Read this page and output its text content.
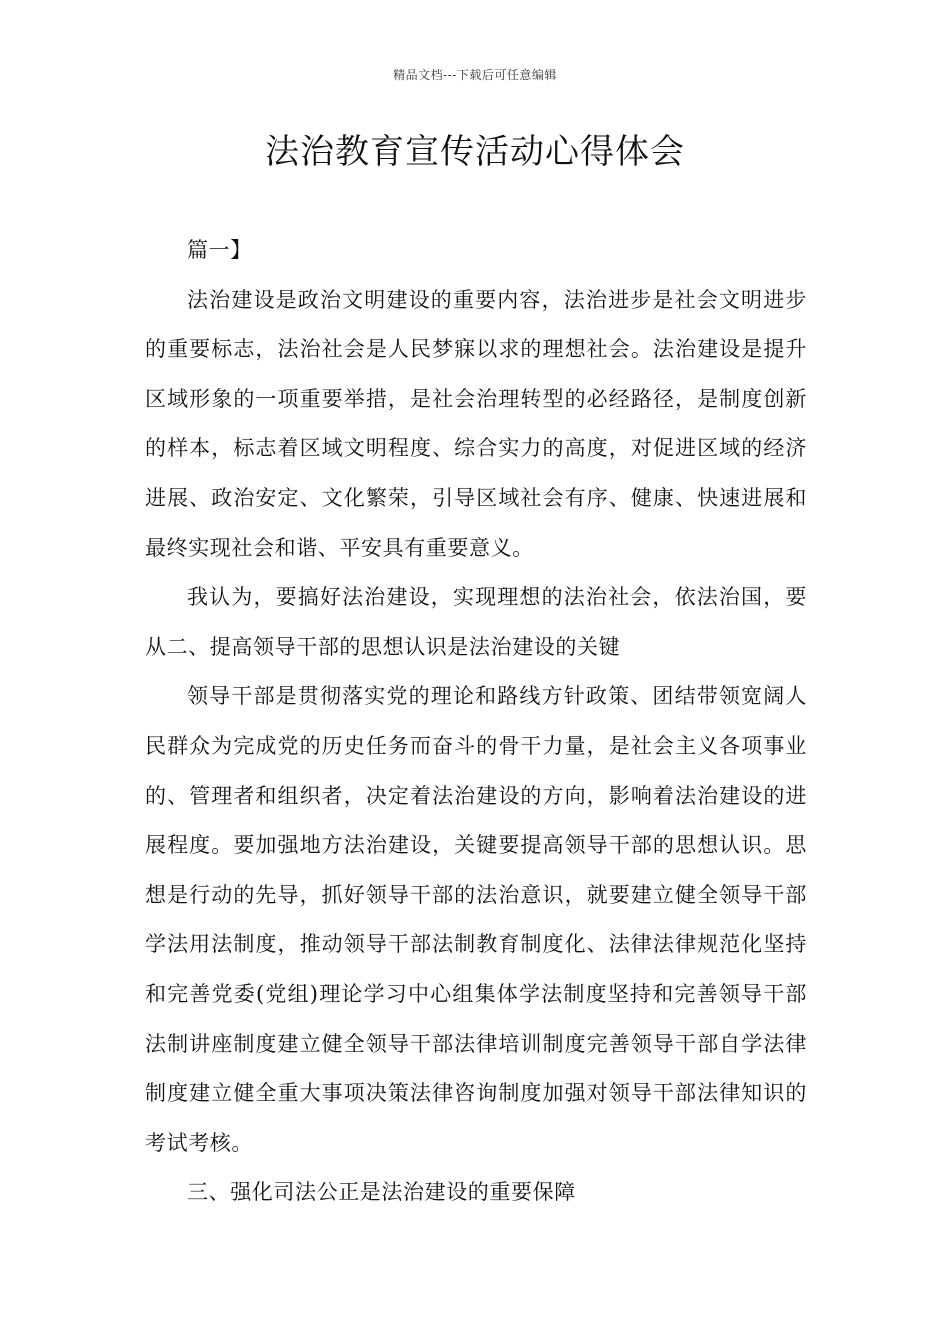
精品文档---下载后可任意编辑
法治教育宣传活动心得体会

篇一】

法治建设是政治文明建设的重要内容，法治进步是社会文明进步的重要标志，法治社会是人民梦寐以求的理想社会。法治建设是提升区域形象的一项重要举措，是社会治理转型的必经路径，是制度创新的样本，标志着区域文明程度、综合实力的高度，对促进区域的经济进展、政治安定、文化繁荣，引导区域社会有序、健康、快速进展和最终实现社会和谐、平安具有重要意义。

我认为，要搞好法治建设，实现理想的法治社会，依法治国，要从二、提高领导干部的思想认识是法治建设的关键

领导干部是贯彻落实党的理论和路线方针政策、团结带领宽阔人民群众为完成党的历史任务而奋斗的骨干力量，是社会主义各项事业的、管理者和组织者，决定着法治建设的方向，影响着法治建设的进展程度。要加强地方法治建设，关键要提高领导干部的思想认识。思想是行动的先导，抓好领导干部的法治意识，就要建立健全领导干部学法用法制度，推动领导干部法制教育制度化、法律法律规范化坚持和完善党委(党组)理论学习中心组集体学法制度坚持和完善领导干部法制讲座制度建立健全领导干部法律培训制度完善领导干部自学法律制度建立健全重大事项决策法律咨询制度加强对领导干部法律知识的考试考核。

三、强化司法公正是法治建设的重要保障
